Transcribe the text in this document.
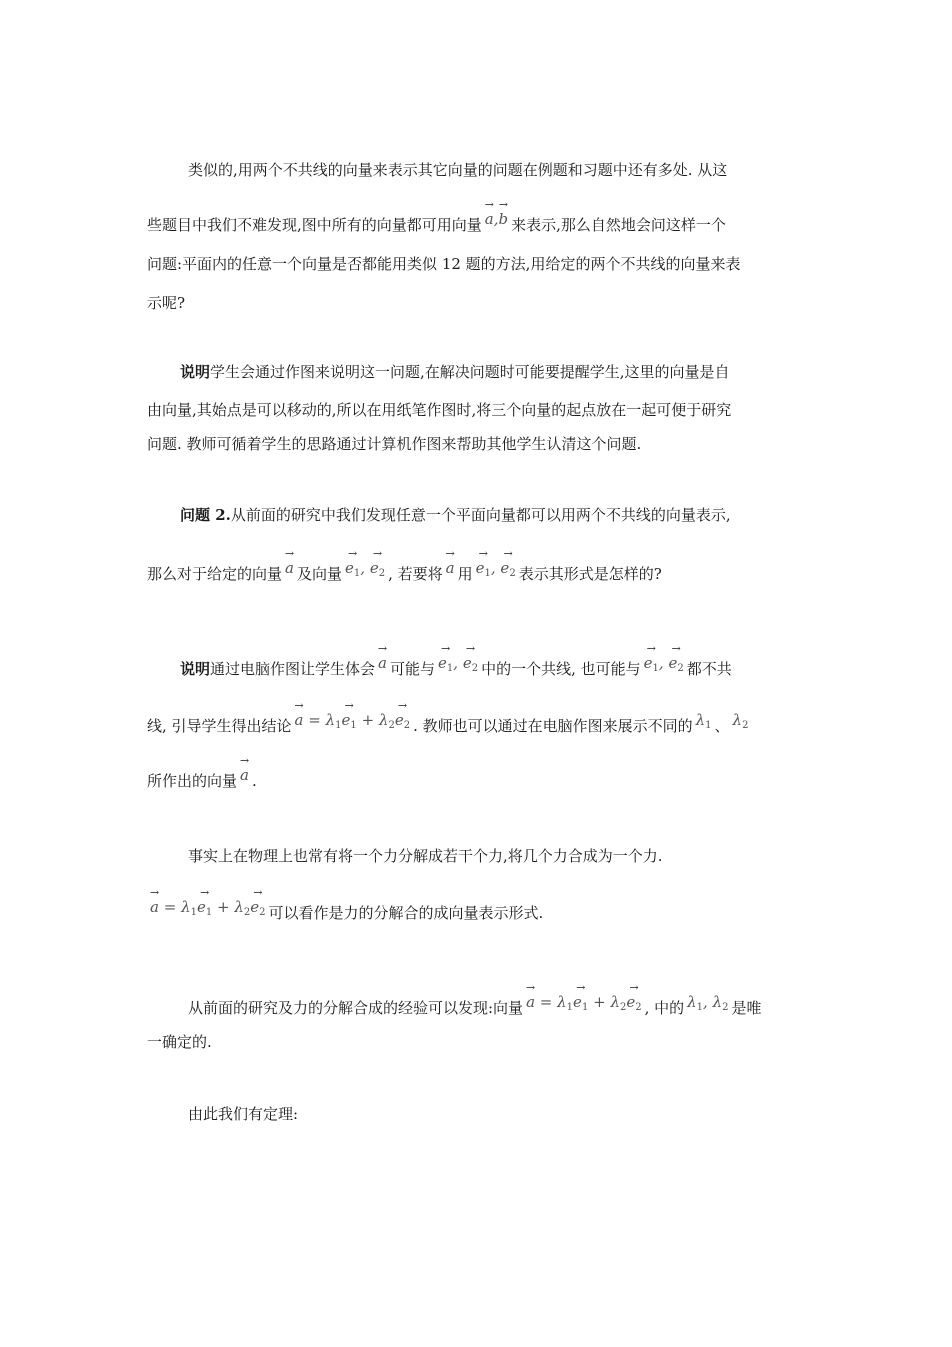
类似的,用两个不共线的向量来表示其它向量的问题在例题和习题中还有多处. 从这
些题目中我们不难发现,图中所有的向量都可用向量 → a,→ b 来表示,那么自然地会问这样一个
问题:平面内的任意一个向量是否都能用类似 12 题的方法,用给定的两个不共线的向量来表
示呢?
说明学生会通过作图来说明这一问题,在解决问题时可能要提醒学生,这里的向量是自
由向量,其始点是可以移动的,所以在用纸笔作图时,将三个向量的起点放在一起可便于研究
问题. 教师可循着学生的思路通过计算机作图来帮助其他学生认清这个问题.
问题 2.从前面的研究中我们发现任意一个平面向量都可以用两个不共线的向量表示,
那么对于给定的向量 → a 及向量 → $e_1$, → $e_2$ , 若要将 → a 用 → $e_1$, → $e_2$ 表示其形式是怎样的?
说明通过电脑作图让学生体会 → a 可能与 → $e_1$, → $e_2$ 中的一个共线, 也可能与 → $e_1$, → $e_2$ 都不共
线, 引导学生得出结论 → $a = \lambda_1\to e_1 + \lambda_2\to e_2$ . 教师也可以通过在电脑作图来展示不同的 $\lambda_1$ 、 $\lambda_2$
所作出的向量 → a .
事实上在物理上也常有将一个力分解成若干个力,将几个力合成为一个力.
→ $a = \lambda_1\to e_1 + \lambda_2\to e_2$ 可以看作是力的分解合的成向量表示形式.
从前面的研究及力的分解合成的经验可以发现:向量 → $a = \lambda_1\to e_1 + \lambda_2\to e_2$ , 中的 $\lambda_1$, $\lambda_2$ 是唯
一确定的.
由此我们有定理:
